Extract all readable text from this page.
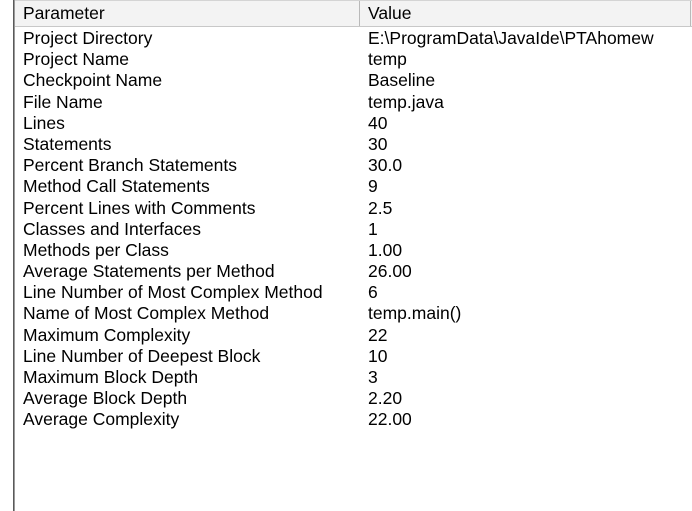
Parameter	Value
Project Directory	E:\ProgramData\JavaIde\PTAhomew
Project Name	temp
Checkpoint Name	Baseline
File Name	temp.java
Lines	40
Statements	30
Percent Branch Statements	30.0
Method Call Statements	9
Percent Lines with Comments	2.5
Classes and Interfaces	1
Methods per Class	1.00
Average Statements per Method	26.00
Line Number of Most Complex Method	6
Name of Most Complex Method	temp.main()
Maximum Complexity	22
Line Number of Deepest Block	10
Maximum Block Depth	3
Average Block Depth	2.20
Average Complexity	22.00
